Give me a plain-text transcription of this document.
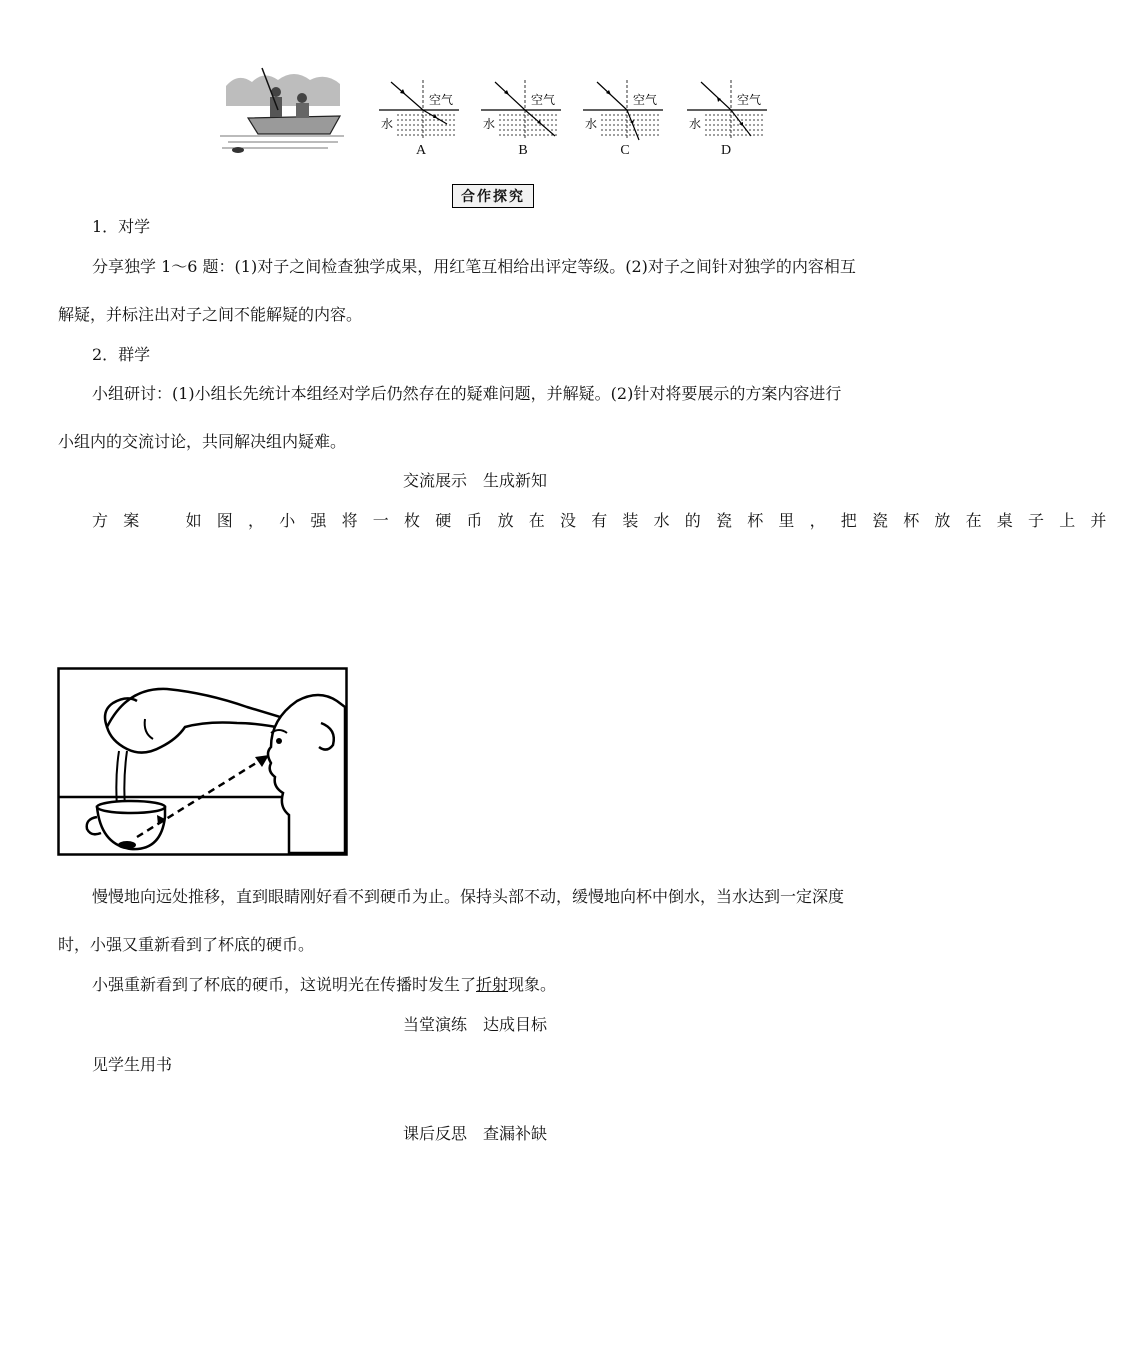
空气
水
空气
水
空气
水
空气
水
A	B	C	D
合作探究
1．对学
分享独学 1～6 题：(1)对子之间检查独学成果，用红笔互相给出评定等级。(2)对子之间针对独学的内容相互
解疑，并标注出对子之间不能解疑的内容。
2．群学
小组研讨：(1)小组长先统计本组经对学后仍然存在的疑难问题，并解疑。(2)针对将要展示的方案内容进行
小组内的交流讨论，共同解决组内疑难。
交流展示　生成新知
方案　如图，小强将一枚硬币放在没有装水的瓷杯里，把瓷杯放在桌子上并
慢慢地向远处推移，直到眼睛刚好看不到硬币为止。保持头部不动，缓慢地向杯中倒水，当水达到一定深度
时，小强又重新看到了杯底的硬币。
小强重新看到了杯底的硬币，这说明光在传播时发生了折射现象。
当堂演练　达成目标
见学生用书
课后反思　查漏补缺
